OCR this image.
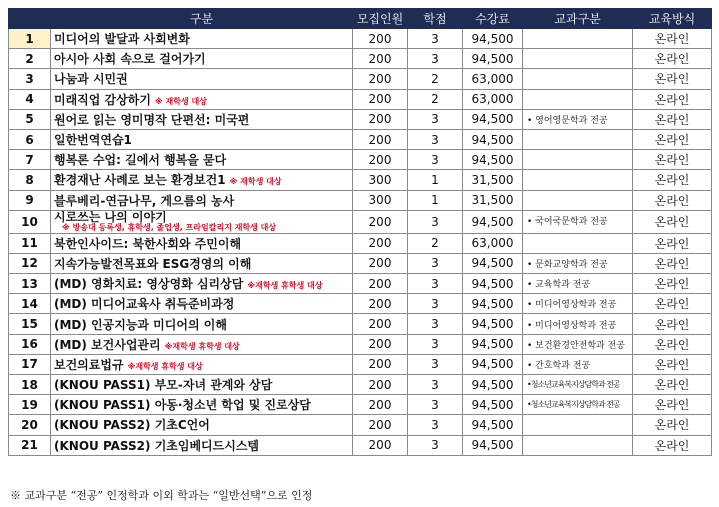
	구분	모집인원	학점	수강료	교과구분	교육방식
1	미디어의 발달과 사회변화	200	3	94,500		온라인
2	아시아 사회 속으로 걸어가기	200	3	94,500		온라인
3	나눔과 시민권	200	2	63,000		온라인
4	미래직업 감상하기 ※ 재학생 대상	200	2	63,000		온라인
5	원어로 읽는 영미명작 단편선: 미국편	200	3	94,500	• 영어영문학과 전공	온라인
6	일한번역연습1	200	3	94,500		온라인
7	행복론 수업: 길에서 행복을 묻다	200	3	94,500		온라인
8	환경재난 사례로 보는 환경보건1 ※ 재학생 대상	300	1	31,500		온라인
9	블루베리-연금나무, 게으름의 농사	300	1	31,500		온라인
10	시로쓰는 나의 이야기
※ 방송대 등록생, 휴학생, 졸업생, 프라임칼리지 재학생 대상	200	3	94,500	• 국어국문학과 전공	온라인
11	북한인사이드: 북한사회와 주민이해	200	2	63,000		온라인
12	지속가능발전목표와 ESG경영의 이해	200	3	94,500	• 문화교양학과 전공	온라인
13	(MD) 영화치료: 영상영화 심리상담 ※재학생 휴학생 대상	200	3	94,500	• 교육학과 전공	온라인
14	(MD) 미디어교육사 취득준비과정	200	3	94,500	• 미디어영상학과 전공	온라인
15	(MD) 인공지능과 미디어의 이해	200	3	94,500	• 미디어영상학과 전공	온라인
16	(MD) 보건사업관리 ※재학생 휴학생 대상	200	3	94,500	• 보건환경안전학과 전공	온라인
17	보건의료법규 ※재학생 휴학생 대상	200	3	94,500	• 간호학과 전공	온라인
18	(KNOU PASS1) 부모-자녀 관계와 상담	200	3	94,500	•청소년교육복지상담학과 전공	온라인
19	(KNOU PASS1) 아동·청소년 학업 및 진로상담	200	3	94,500	•청소년교육복지상담학과 전공	온라인
20	(KNOU PASS2) 기초C언어	200	3	94,500		온라인
21	(KNOU PASS2) 기초임베디드시스템	200	3	94,500		온라인
※ 교과구분 “전공” 인정학과 이외 학과는 “일반선택”으로 인정
